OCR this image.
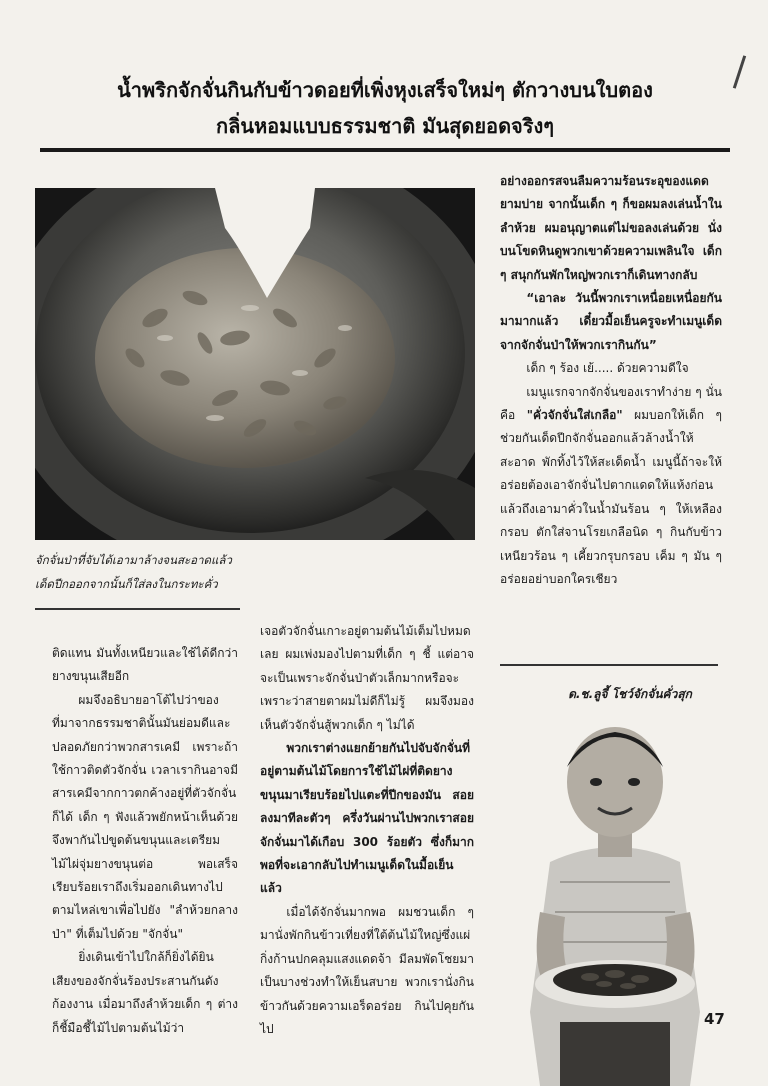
น้ำพริกจักจั่นกินกับข้าวดอยที่เพิ่งหุงเสร็จใหม่ๆ ตักวางบนใบตอง
กลิ่นหอมแบบธรรมชาติ มันสุดยอดจริงๆ
จักจั่นป่าที่จับได้เอามาล้างจนสะอาดแล้ว
เด็ดปีกออกจากนั้นก็ใส่ลงในกระทะคั่ว

ติดแทน มันทั้งเหนียวและใช้ได้ดีกว่ายางขนุนเสียอีก

ผมจึงอธิบายอาโต้ไปว่าของที่มาจากธรรมชาตินั้นมันย่อมดีและปลอดภัยกว่าพวกสารเคมี เพราะถ้าใช้กาวติดตัวจักจั่น เวลาเรากินอาจมีสารเคมีจากกาวตกค้างอยู่ที่ตัวจักจั่นก็ได้ เด็ก ๆ ฟังแล้วพยักหน้าเห็นด้วยจึงพากันไปขูดต้นขนุนและเตรียมไม้ไผ่จุ่มยางขนุนต่อ พอเสร็จเรียบร้อยเราถึงเริ่มออกเดินทางไปตามไหล่เขาเพื่อไปยัง "ลำห้วยกลางป่า" ที่เต็มไปด้วย "จักจั่น"

ยิ่งเดินเข้าไปใกล้ก็ยิ่งได้ยินเสียงของจักจั่นร้องประสานกันดังก้องงาน เมื่อมาถึงลำห้วยเด็ก ๆ ต่างก็ชี้มือชี้ไม้ไปตามต้นไม้ว่า

เจอตัวจักจั่นเกาะอยู่ตามต้นไม้เต็มไปหมดเลย ผมเพ่งมองไปตามที่เด็ก ๆ ชี้ แต่อาจจะเป็นเพราะจักจั่นป่าตัวเล็กมากหรือจะเพราะว่าสายตาผมไม่ดีก็ไม่รู้ ผมจึงมองเห็นตัวจักจั่นสู้พวกเด็ก ๆ ไม่ได้

พวกเราต่างแยกย้ายกันไปจับจักจั่นที่อยู่ตามต้นไม้โดยการใช้ไม้ไผ่ที่ติดยางขนุนมาเรียบร้อยไปแตะที่ปีกของมัน สอยลงมาทีละตัวๆ ครึ่งวันผ่านไปพวกเราสอยจักจั่นมาได้เกือบ 300 ร้อยตัว ซึ่งก็มากพอที่จะเอากลับไปทำเมนูเด็ดในมื้อเย็นแล้ว

เมื่อได้จักจั่นมากพอ ผมชวนเด็ก ๆ มานั่งพักกินข้าวเที่ยงที่ใต้ต้นไม้ใหญ่ซึ่งแผ่กิ่งก้านปกคลุมแสงแดดจ้า มีลมพัดโชยมาเป็นบางช่วงทำให้เย็นสบาย พวกเรานั่งกินข้าวกันด้วยความเอร็ดอร่อย กินไปคุยกันไป

อย่างออกรสจนลืมความร้อนระอุของแดดยามบ่าย จากนั้นเด็ก ๆ ก็ขอผมลงเล่นน้ำในลำห้วย ผมอนุญาตแต่ไม่ขอลงเล่นด้วย นั่งบนโขดหินดูพวกเขาด้วยความเพลินใจ เด็ก ๆ สนุกกันพักใหญ่พวกเราก็เดินทางกลับ

“เอาละ วันนี้พวกเราเหนื่อยเหนื่อยกันมามากแล้ว เดี๋ยวมื้อเย็นครูจะทำเมนูเด็ดจากจักจั่นป่าให้พวกเรากินกัน”

เด็ก ๆ ร้อง เย้..... ด้วยความดีใจ

เมนูแรกจากจักจั่นของเราทำง่าย ๆ นั่นคือ "คั่วจักจั่นใส่เกลือ" ผมบอกให้เด็ก ๆ ช่วยกันเด็ดปีกจักจั่นออกแล้วล้างน้ำให้สะอาด พักทิ้งไว้ให้สะเด็ดน้ำ เมนูนี้ถ้าจะให้อร่อยต้องเอาจักจั่นไปตากแดดให้แห้งก่อนแล้วถึงเอามาคั่วในน้ำมันร้อน ๆ ให้เหลืองกรอบ ตักใส่จานโรยเกลือนิด ๆ กินกับข้าวเหนียวร้อน ๆ เคี้ยวกรุบกรอบ เค็ม ๆ มัน ๆ อร่อยอย่าบอกใครเชียว

ด.ช.ลูจี้ โชว์จักจั่นคั่วสุก
47
